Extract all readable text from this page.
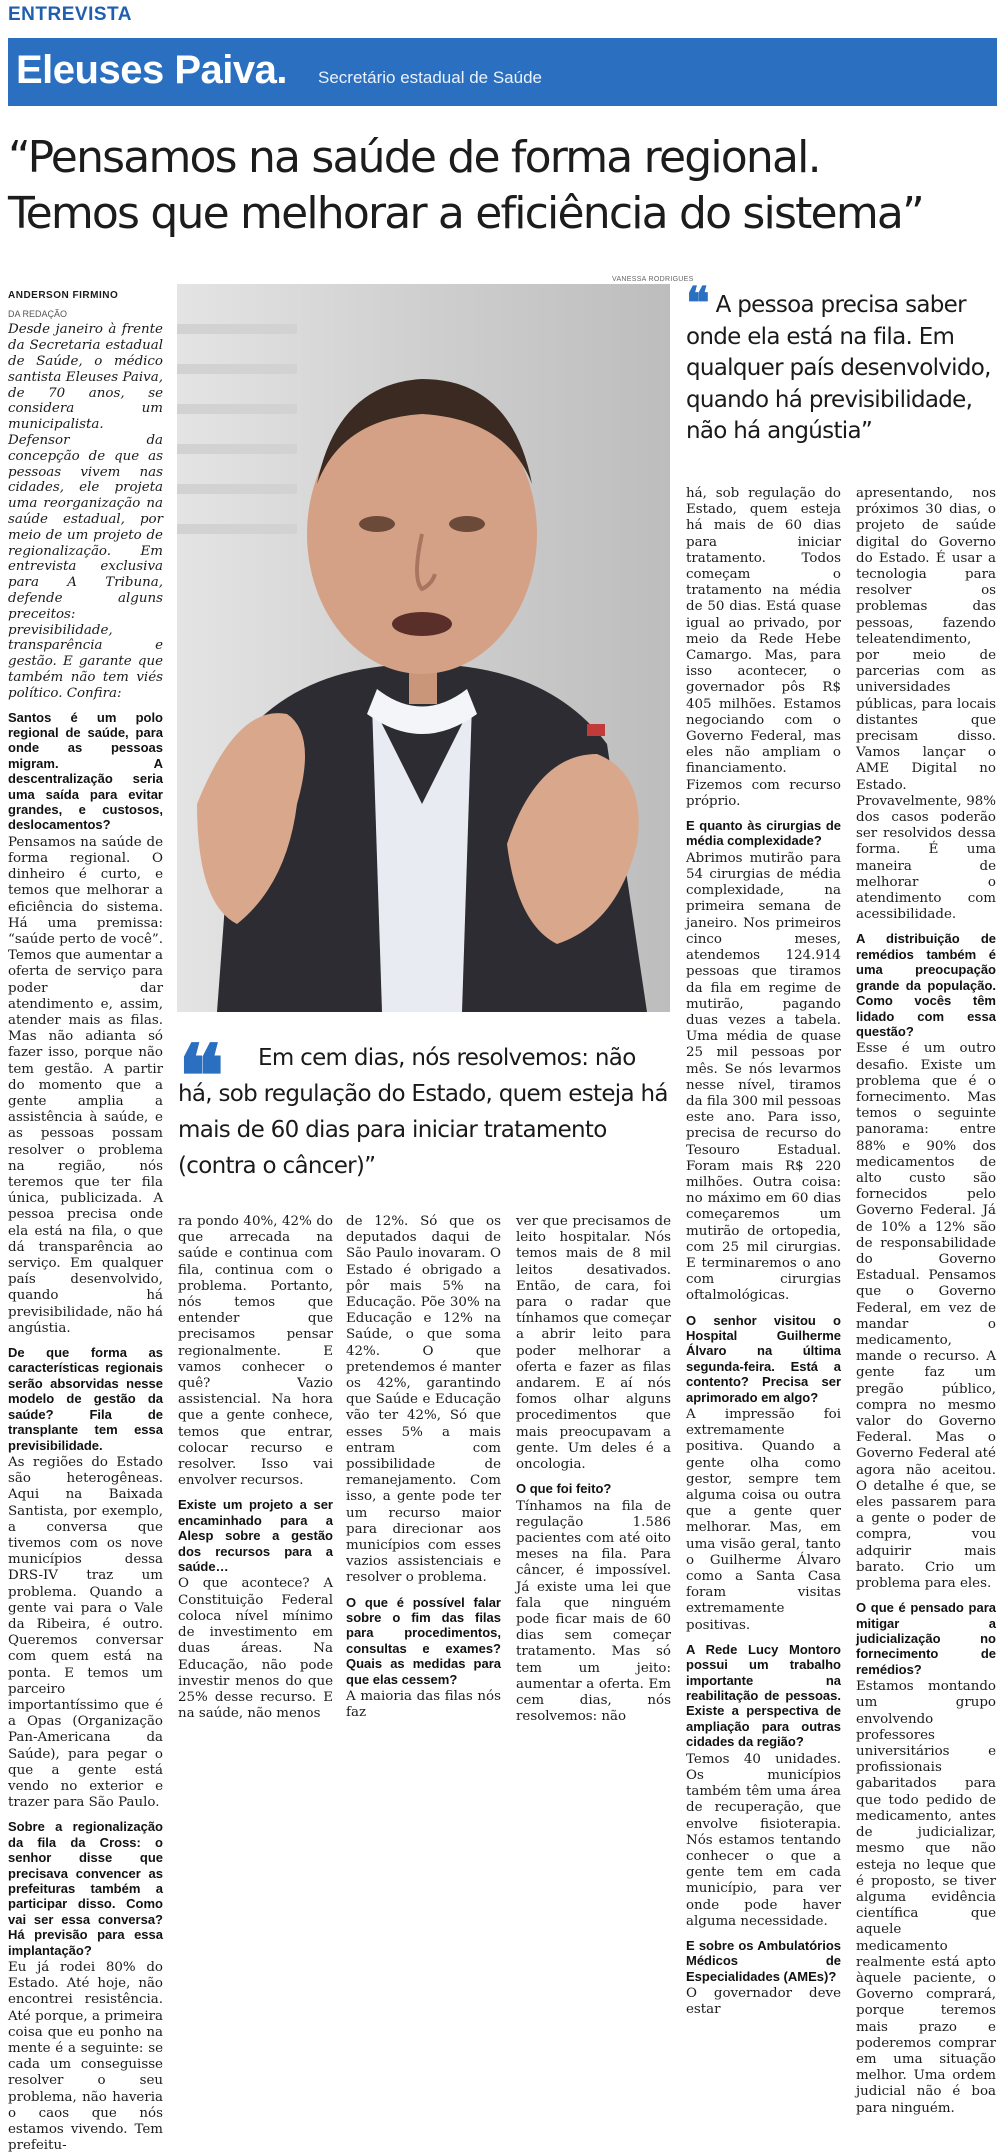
ENTREVISTA
Eleuses Paiva. Secretário estadual de Saúde
“Pensamos na saúde de forma regional.
Temos que melhorar a eficiência do sistema”
ANDERSON FIRMINO
DA REDAÇÃO

Desde janeiro à frente da Secretaria estadual de Saúde, o médico santista Eleuses Paiva, de 70 anos, se considera um municipalista. Defensor da concepção de que as pessoas vivem nas cidades, ele projeta uma reorganização na saúde estadual, por meio de um projeto de regionalização. Em entrevista exclusiva para A Tribuna, defende alguns preceitos: previsibilidade, transparência e gestão. E garante que também não tem viés político. Confira:

Santos é um polo regional de saúde, para onde as pessoas migram. A descentralização seria uma saída para evitar grandes, e custosos, deslocamentos?

Pensamos na saúde de forma regional. O dinheiro é curto, e temos que melhorar a eficiência do sistema. Há uma premissa: “saúde perto de você”. Temos que aumentar a oferta de serviço para poder dar atendimento e, assim, atender mais as filas. Mas não adianta só fazer isso, porque não tem gestão. A partir do momento que a gente amplia a assistência à saúde, e as pessoas possam resolver o problema na região, nós teremos que ter fila única, publicizada. A pessoa precisa onde ela está na fila, o que dá transparência ao serviço. Em qualquer país desenvolvido, quando há previsibilidade, não há angústia.

De que forma as características regionais serão absorvidas nesse modelo de gestão da saúde? Fila de transplante tem essa previsibilidade.

As regiões do Estado são heterogêneas. Aqui na Baixada Santista, por exemplo, a conversa que tivemos com os nove municípios dessa DRS-IV traz um problema. Quando a gente vai para o Vale da Ribeira, é outro. Queremos conversar com quem está na ponta. E temos um parceiro importantíssimo que é a Opas (Organização Pan-Americana da Saúde), para pegar o que a gente está vendo no exterior e trazer para São Paulo.

Sobre a regionalização da fila da Cross: o senhor disse que precisava convencer as prefeituras também a participar disso. Como vai ser essa conversa? Há previsão para essa implantação?

Eu já rodei 80% do Estado. Até hoje, não encontrei resistência. Até porque, a primeira coisa que eu ponho na mente é a seguinte: se cada um conseguisse resolver o seu problema, não haveria o caos que nós estamos vivendo. Tem prefeitu-

VANESSA RODRIGUES
❝ A pessoa precisa saber onde ela está na fila. Em qualquer país desenvolvido, quando há previsibilidade, não há angústia”
❝	Em cem dias, nós resolvemos: não há, sob regulação do Estado, quem esteja há mais de 60 dias para iniciar tratamento (contra o câncer)”

ra pondo 40%, 42% do que arrecada na saúde e continua com fila, continua com o problema. Portanto, nós temos que entender que precisamos pensar regionalmente. E vamos conhecer o quê? Vazio assistencial. Na hora que a gente conhece, temos que entrar, colocar recurso e resolver. Isso vai envolver recursos.

Existe um projeto a ser encaminhado para a Alesp sobre a gestão dos recursos para a saúde…

O que acontece? A Constituição Federal coloca nível mínimo de investimento em duas áreas. Na Educação, não pode investir menos do que 25% desse recurso. E na saúde, não menos

de 12%. Só que os deputados daqui de São Paulo inovaram. O Estado é obrigado a pôr mais 5% na Educação. Põe 30% na Educação e 12% na Saúde, o que soma 42%. O que pretendemos é manter os 42%, garantindo que Saúde e Educação vão ter 42%, Só que esses 5% a mais entram com possibilidade de remanejamento. Com isso, a gente pode ter um recurso maior para direcionar aos municípios com esses vazios assistenciais e resolver o problema.

O que é possível falar sobre o fim das filas para procedimentos, consultas e exames? Quais as medidas para que elas cessem?

A maioria das filas nós faz

ver que precisamos de leito hospitalar. Nós temos mais de 8 mil leitos desativados. Então, de cara, foi para o radar que tínhamos que começar a abrir leito para poder melhorar a oferta e fazer as filas andarem. E aí nós fomos olhar alguns procedimentos que mais preocupavam a gente. Um deles é a oncologia.

O que foi feito?

Tínhamos na fila de regulação 1.586 pacientes com até oito meses na fila. Para câncer, é impossível. Já existe uma lei que fala que ninguém pode ficar mais de 60 dias sem começar tratamento. Mas só tem um jeito: aumentar a oferta. Em cem dias, nós resolvemos: não

há, sob regulação do Estado, quem esteja há mais de 60 dias para iniciar tratamento. Todos começam o tratamento na média de 50 dias. Está quase igual ao privado, por meio da Rede Hebe Camargo. Mas, para isso acontecer, o governador pôs R$ 405 milhões. Estamos negociando com o Governo Federal, mas eles não ampliam o financiamento. Fizemos com recurso próprio.

E quanto às cirurgias de média complexidade?

Abrimos mutirão para 54 cirurgias de média complexidade, na primeira semana de janeiro. Nos primeiros cinco meses, atendemos 124.914 pessoas que tiramos da fila em regime de mutirão, pagando duas vezes a tabela. Uma média de quase 25 mil pessoas por mês. Se nós levarmos nesse nível, tiramos da fila 300 mil pessoas este ano. Para isso, precisa de recurso do Tesouro Estadual. Foram mais R$ 220 milhões. Outra coisa: no máximo em 60 dias começaremos um mutirão de ortopedia, com 25 mil cirurgias. E terminaremos o ano com cirurgias oftalmológicas.

O senhor visitou o Hospital Guilherme Álvaro na última segunda-feira. Está a contento? Precisa ser aprimorado em algo?

A impressão foi extremamente positiva. Quando a gente olha como gestor, sempre tem alguma coisa ou outra que a gente quer melhorar. Mas, em uma visão geral, tanto o Guilherme Álvaro como a Santa Casa foram visitas extremamente positivas.

A Rede Lucy Montoro possui um trabalho importante na reabilitação de pessoas. Existe a perspectiva de ampliação para outras cidades da região?

Temos 40 unidades. Os municípios também têm uma área de recuperação, que envolve fisioterapia. Nós estamos tentando conhecer o que a gente tem em cada município, para ver onde pode haver alguma necessidade.

E sobre os Ambulatórios Médicos de Especialidades (AMEs)?

O governador deve estar

apresentando, nos próximos 30 dias, o projeto de saúde digital do Governo do Estado. É usar a tecnologia para resolver os problemas das pessoas, fazendo teleatendimento, por meio de parcerias com as universidades públicas, para locais distantes que precisam disso. Vamos lançar o AME Digital no Estado. Provavelmente, 98% dos casos poderão ser resolvidos dessa forma. É uma maneira de melhorar o atendimento com acessibilidade.

A distribuição de remédios também é uma preocupação grande da população. Como vocês têm lidado com essa questão?

Esse é um outro desafio. Existe um problema que é o fornecimento. Mas temos o seguinte panorama: entre 88% e 90% dos medicamentos de alto custo são fornecidos pelo Governo Federal. Já de 10% a 12% são de responsabilidade do Governo Estadual. Pensamos que o Governo Federal, em vez de mandar o medicamento, mande o recurso. A gente faz um pregão público, compra no mesmo valor do Governo Federal. Mas o Governo Federal até agora não aceitou. O detalhe é que, se eles passarem para a gente o poder de compra, vou adquirir mais barato. Crio um problema para eles.

O que é pensado para mitigar a judicialização no fornecimento de remédios?

Estamos montando um grupo envolvendo professores universitários e profissionais gabaritados para que todo pedido de medicamento, antes de judicializar, mesmo que não esteja no leque que é proposto, se tiver alguma evidência científica que aquele medicamento realmente está apto àquele paciente, o Governo comprará, porque teremos mais prazo e poderemos comprar em uma situação melhor. Uma ordem judicial não é boa para ninguém.
